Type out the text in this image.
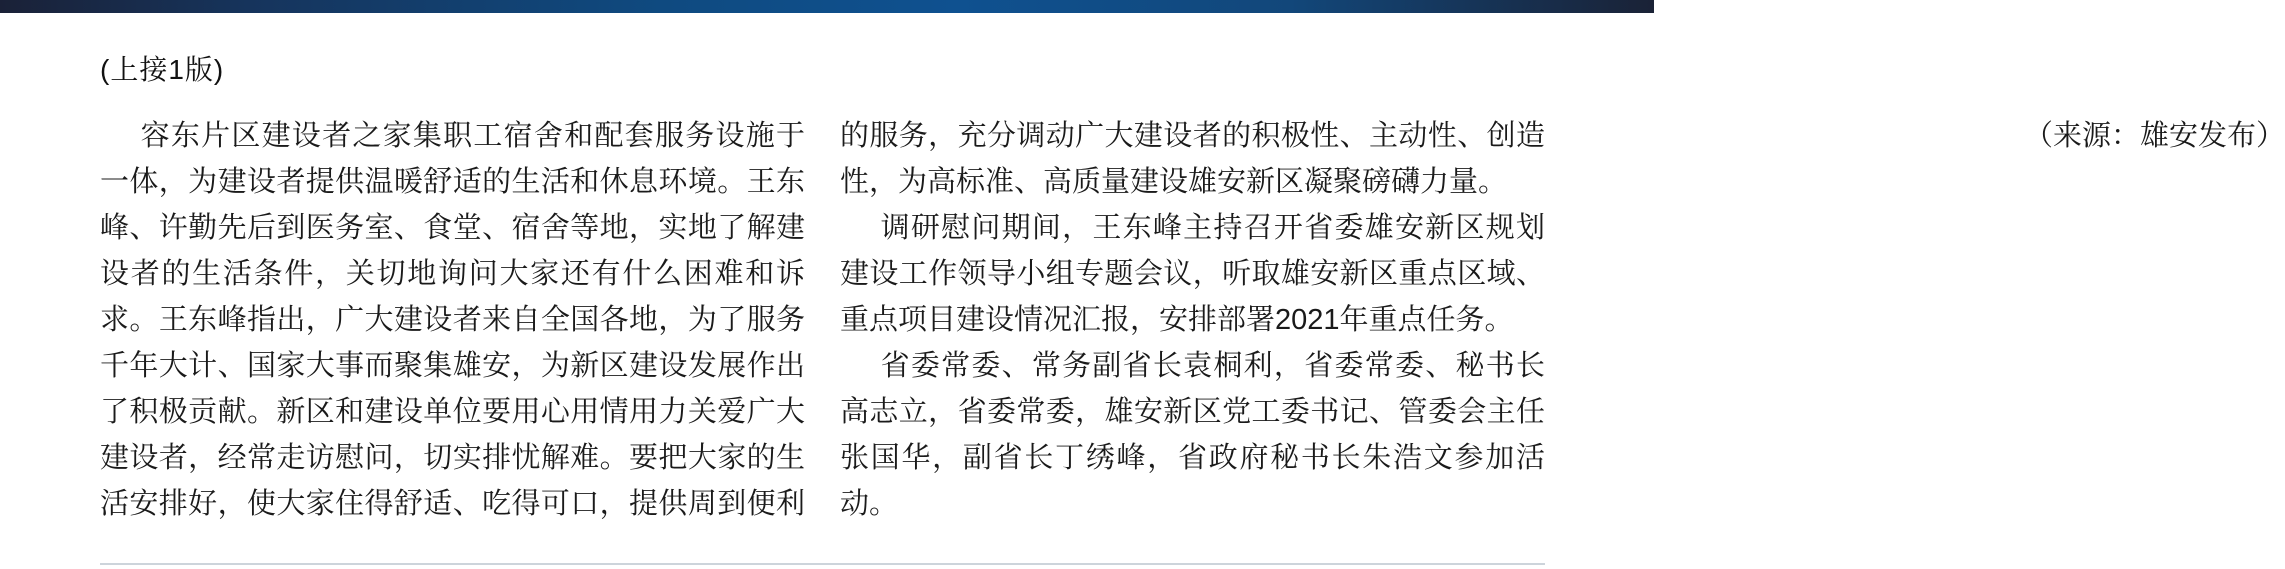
(上接1版)

容东片区建设者之家集职工宿舍和配套服务设施于一体，为建设者提供温暖舒适的生活和休息环境。王东峰、许勤先后到医务室、食堂、宿舍等地，实地了解建设者的生活条件，关切地询问大家还有什么困难和诉求。王东峰指出，广大建设者来自全国各地，为了服务千年大计、国家大事而聚集雄安，为新区建设发展作出了积极贡献。新区和建设单位要用心用情用力关爱广大建设者，经常走访慰问，切实排忧解难。要把大家的生活安排好，使大家住得舒适、吃得可口，提供周到便利的服务，充分调动广大建设者的积极性、主动性、创造性，为高标准、高质量建设雄安新区凝聚磅礴力量。

调研慰问期间，王东峰主持召开省委雄安新区规划建设工作领导小组专题会议，听取雄安新区重点区域、重点项目建设情况汇报，安排部署2021年重点任务。

省委常委、常务副省长袁桐利，省委常委、秘书长高志立，省委常委，雄安新区党工委书记、管委会主任张国华，副省长丁绣峰，省政府秘书长朱浩文参加活动。

（来源：雄安发布）
